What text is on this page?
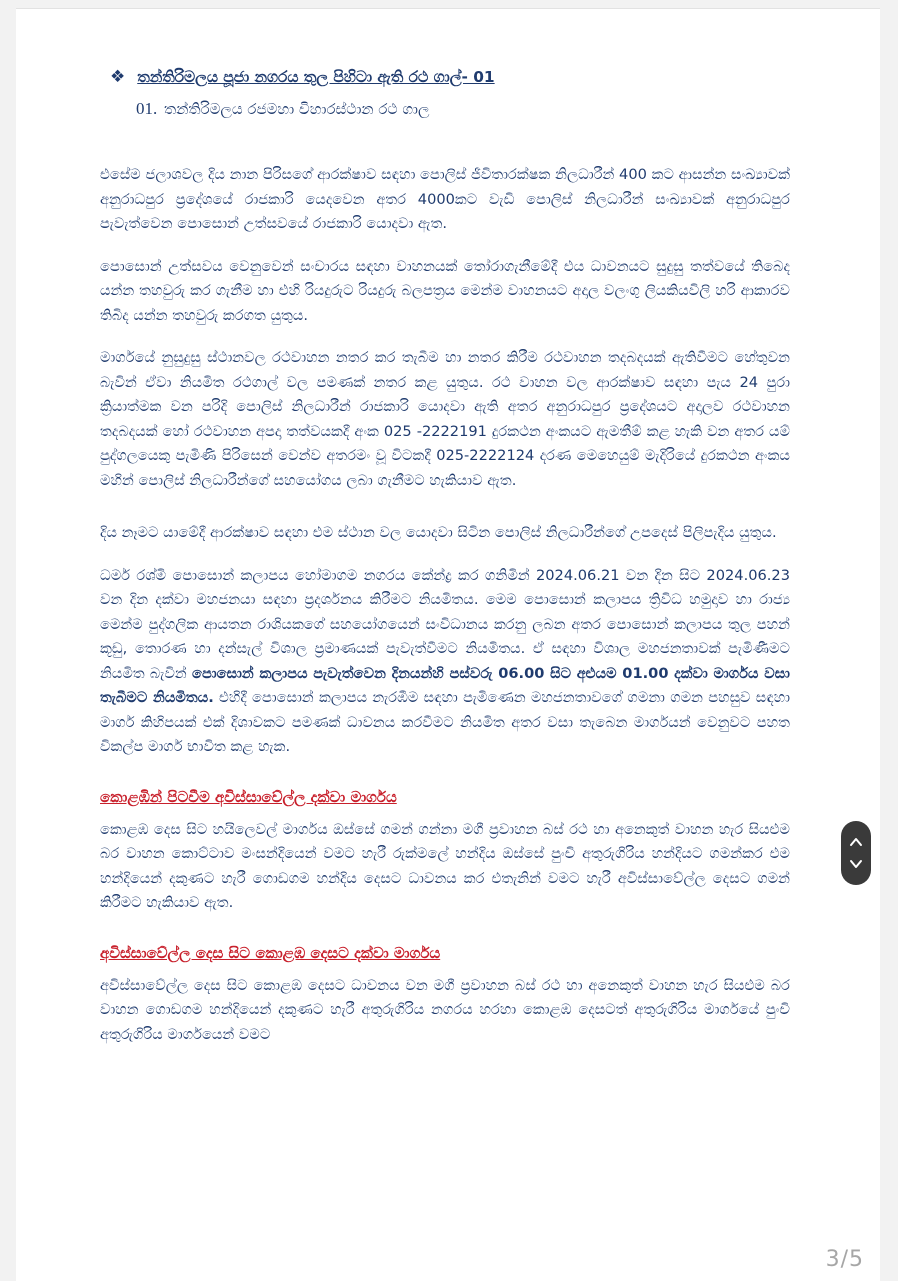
❖ තන්තිරිමලය පූජා නගරය තුල පිහිටා ඇති රථ ගාල්- 01
01. තන්තිරිමලය රජමහා විහාරස්ථාන රථ ගාල

එසේම ජලාශවල දිය නාන පිරිසගේ ආරක්ෂාව සඳහා පොලිස් ජීවිතාරක්ෂක නිලධාරීන් 400 කට ආසන්න සංඛ්‍යාවක් අනුරාධපුර ප්‍රදේශයේ රාජකාරි යෙදවෙන අතර 4000කට වැඩි පොලිස් නිලධාරීන් සංඛ්‍යාවක් අනුරාධපුර පැවැත්වෙන පොසොන් උත්සවයේ රාජකාරි යොදවා ඇත.

පොසොන් උත්සවය වෙනුවෙන් සංචාරය සඳහා වාහනයක් තෝරාගැනීමේදී එය ධාවනයට සුදුසු තත්වයේ තිබෙද යන්න තහවුරු කර ගැනීම හා එහි රියදුරුට රියදුරු බලපත්‍රය මෙන්ම වාහනයට අදාල වලංගු ලියකියවිලි හරි ආකාරව තිබිද යන්න තහවුරු කරගත යුතුය.

මාර්ගයේ නුසුදුසු ස්ථානවල රථවාහන නතර කර තැබීම හා නතර කිරීම රථවාහන තදබදයක් ඇතිවීමට හේතුවන බැවින් ඒවා නියමිත රථගාල් වල පමණක් නතර කළ යුතුය. රථ වාහන වල ආරක්ෂාව සඳහා පැය 24 පුරා ක්‍රියාත්මක වන පරිදි පොලිස් නිලධාරීන් රාජකාරි යොදවා ඇති අතර අනුරාධපුර ප්‍රදේශයට අදාලව රථවාහන තදබදයක් හෝ රථවාහන අපදා තත්වයකදී අංක 025 -2222191 දුරකථන අංකයට ඇමතීම් කළ හැකි වන අතර යම් පුද්ගලයෙකු පැමිණි පිරිසෙන් වෙන්ව අතරමං වූ විටකදී 025-2222124 දරණ මෙහෙයුම් මැදිරියේ දුරකථන අංකය මහින් පොලිස් නිලධාරීන්ගේ සහයෝගය ලබා ගැනීමට හැකියාව ඇත.

දිය නෑමට යාමේදී ආරක්ෂාව සඳහා එම ස්ථාන වල යොදවා සිටින පොලිස් නිලධාරීන්ගේ උපදෙස් පිලිපැදිය යුතුය.

ධර්ම රශ්මි පොසොන් කලාපය හෝමාගම නගරය කේන්ද්‍ර කර ගනිමින් 2024.06.21 වන දින සිට 2024.06.23 වන දින දක්වා මහජනයා සඳහා ප්‍රදර්ශනය කිරීමට නියමිතය. මෙම පොසොන් කලාපය ත්‍රිවිධ හමුදාව හා රාජ්‍ය මෙන්ම පුද්ගලික ආයතන රාශියකගේ සහයෝගයෙන් සංවිධානය කරනු ලබන අතර පොසොන් කලාපය තුල පහන් කූඩු, තොරණ හා දන්සැල් විශාල ප්‍රමාණයක් පැවැත්වීමට නියමිතය. ඒ සඳහා විශාල මහජනතාවක් පැමිණීමට නියමිත බැවින් පොසොන් කලාපය පැවැත්වෙන දිනයන්හි පස්වරු 06.00 සිට අළුයම 01.00 දක්වා මාර්ගය වසා තැබීමට නියමිතය. එහිදී පොසොන් කලාපය නැරඹීම සඳහා පැමිණෙන මහජනතාවගේ ගමනා ගමන පහසුව සඳහා මාර්ග කිහිපයක් එක් දිශාවකට පමණක් ධාවනය කරවීමට නියමිත අතර වසා තැබෙන මාර්ගයන් වෙනුවට පහත විකල්ප මාර්ග භාවිත කළ හැක.

කොළඹින් පිටවීම අවිස්සාවේල්ල දක්වා මාර්ගය

කොළඹ දෙස සිට හයිලෙවල් මාර්ගය ඔස්සේ ගමන් ගන්නා මගී ප්‍රවාහන බස් රථ හා අනෙකුත් වාහන හැර සියළුම බර වාහන කොට්ටාව මංසන්දියෙන් වමට හැරී රුක්මලේ හන්දිය ඔස්සේ පුංචි අතුරුගිරිය හන්දියට ගමන්කර එම හන්දියෙන් දකුණට හැරී ගොඩගම හන්දිය දෙසට ධාවනය කර එතැනින් වමට හැරී අවිස්සාවේල්ල දෙසට ගමන් කිරීමට හැකියාව ඇත.

අවිස්සාවේල්ල දෙස සිට කොළඹ දෙසට දක්වා මාර්ගය

අවිස්සාවේල්ල දෙස සිට කොළඹ දෙසට ධාවනය වන මගී ප්‍රවාහන බස් රථ හා අනෙකුත් වාහන හැර සියළුම බර වාහන ගොඩගම හන්දියෙන් දකුණට හැරී අතුරුගිරිය නගරය හරහා කොළඹ දෙසටත් අතුරුගිරිය මාර්ගයේ පුංචි අතුරුගිරිය මාර්ගයෙන් වමට

3/5
